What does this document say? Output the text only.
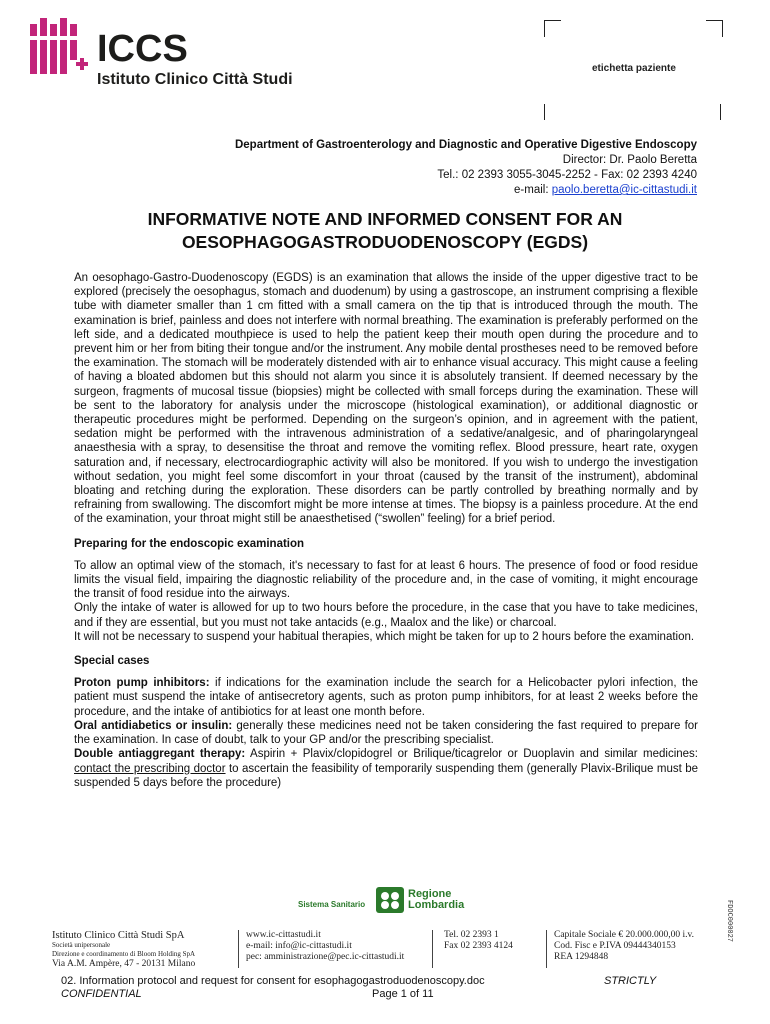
ICCS
Istituto Clinico Città Studi
etichetta paziente
Department of Gastroenterology and Diagnostic and Operative Digestive Endoscopy
Director: Dr. Paolo Beretta
Tel.: 02 2393 3055-3045-2252 - Fax: 02 2393 4240
e-mail: paolo.beretta@ic-cittastudi.it
INFORMATIVE NOTE AND INFORMED CONSENT FOR AN
OESOPHAGOGASTRODUODENOSCOPY (EGDS)

An oesophago-Gastro-Duodenoscopy (EGDS) is an examination that allows the inside of the upper digestive tract to be explored (precisely the oesophagus, stomach and duodenum) by using a gastroscope, an instrument comprising a flexible tube with diameter smaller than 1 cm fitted with a small camera on the tip that is introduced through the mouth. The examination is brief, painless and does not interfere with normal breathing. The examination is preferably performed on the left side, and a dedicated mouthpiece is used to help the patient keep their mouth open during the procedure and to prevent him or her from biting their tongue and/or the instrument. Any mobile dental prostheses need to be removed before the examination. The stomach will be moderately distended with air to enhance visual accuracy. This might cause a feeling of having a bloated abdomen but this should not alarm you since it is absolutely transient. If deemed necessary by the surgeon, fragments of mucosal tissue (biopsies) might be collected with small forceps during the examination. These will be sent to the laboratory for analysis under the microscope (histological examination), or additional diagnostic or therapeutic procedures might be performed. Depending on the surgeon’s opinion, and in agreement with the patient, sedation might be performed with the intravenous administration of a sedative/analgesic, and of pharingolaryngeal anaesthesia with a spray, to desensitise the throat and remove the vomiting reflex. Blood pressure, heart rate, oxygen saturation and, if necessary, electrocardiographic activity will also be monitored. If you wish to undergo the investigation without sedation, you might feel some discomfort in your throat (caused by the transit of the instrument), abdominal bloating and retching during the exploration. These disorders can be partly controlled by breathing normally and by refraining from swallowing. The discomfort might be more intense at times. The biopsy is a painless procedure. At the end of the examination, your throat might still be anaesthetised (“swollen” feeling) for a brief period.

Preparing for the endoscopic examination

To allow an optimal view of the stomach, it's necessary to fast for at least 6 hours. The presence of food or food residue limits the visual field, impairing the diagnostic reliability of the procedure and, in the case of vomiting, it might encourage the transit of food residue into the airways.

Only the intake of water is allowed for up to two hours before the procedure, in the case that you have to take medicines, and if they are essential, but you must not take antacids (e.g., Maalox and the like) or charcoal.

It will not be necessary to suspend your habitual therapies, which might be taken for up to 2 hours before the examination.

Special cases

Proton pump inhibitors: if indications for the examination include the search for a Helicobacter pylori infection, the patient must suspend the intake of antisecretory agents, such as proton pump inhibitors, for at least 2 weeks before the procedure, and the intake of antibiotics for at least one month before.

Oral antidiabetics or insulin: generally these medicines need not be taken considering the fast required to prepare for the examination. In case of doubt, talk to your GP and/or the prescribing specialist.

Double antiaggregant therapy: Aspirin + Plavix/clopidogrel or Brilique/ticagrelor or Duoplavin and similar medicines: contact the prescribing doctor to ascertain the feasibility of temporarily suspending them (generally Plavix-Brilique must be suspended 5 days before the procedure)

Sistema Sanitario
Regione
Lombardia
Istituto Clinico Città Studi SpA
Società unipersonale
Direzione e coordinamento di Bloom Holding SpA
Via A.M. Ampère, 47 - 20131 Milano
www.ic-cittastudi.it
e-mail: info@ic-cittastudi.it
pec: amministrazione@pec.ic-cittastudi.it
Tel. 02 2393 1
Fax 02 2393 4124
Capitale Sociale € 20.000.000,00 i.v.
Cod. Fisc e P.IVA 09444340153
REA 1294848
FDOC000027
02. Information protocol and request for consent for esophagogastroduodenoscopy.doc	STRICTLY
CONFIDENTIAL	Page 1 of 11
